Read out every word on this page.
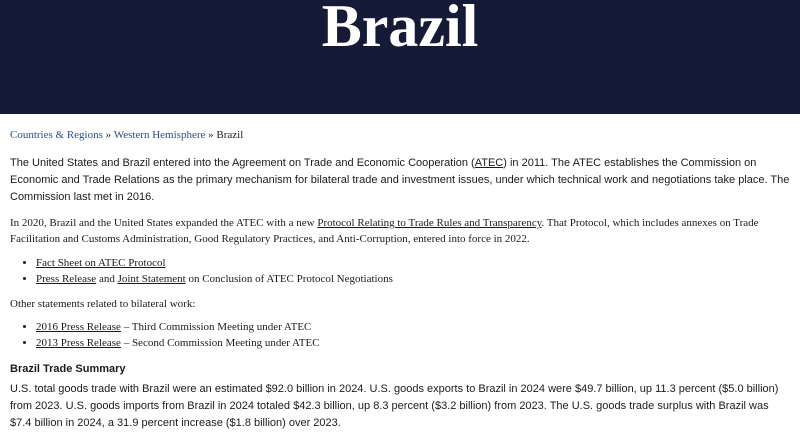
Brazil
Countries & Regions » Western Hemisphere » Brazil

The United States and Brazil entered into the Agreement on Trade and Economic Cooperation (ATEC) in 2011. The ATEC establishes the Commission on Economic and Trade Relations as the primary mechanism for bilateral trade and investment issues, under which technical work and negotiations take place. The Commission last met in 2016.

In 2020, Brazil and the United States expanded the ATEC with a new Protocol Relating to Trade Rules and Transparency. That Protocol, which includes annexes on Trade Facilitation and Customs Administration, Good Regulatory Practices, and Anti-Corruption, entered into force in 2022.

• Fact Sheet on ATEC Protocol
• Press Release and Joint Statement on Conclusion of ATEC Protocol Negotiations

Other statements related to bilateral work:

• 2016 Press Release – Third Commission Meeting under ATEC
• 2013 Press Release – Second Commission Meeting under ATEC
Brazil Trade Summary

U.S. total goods trade with Brazil were an estimated $92.0 billion in 2024. U.S. goods exports to Brazil in 2024 were $49.7 billion, up 11.3 percent ($5.0 billion) from 2023. U.S. goods imports from Brazil in 2024 totaled $42.3 billion, up 8.3 percent ($3.2 billion) from 2023. The U.S. goods trade surplus with Brazil was $7.4 billion in 2024, a 31.9 percent increase ($1.8 billion) over 2023.
